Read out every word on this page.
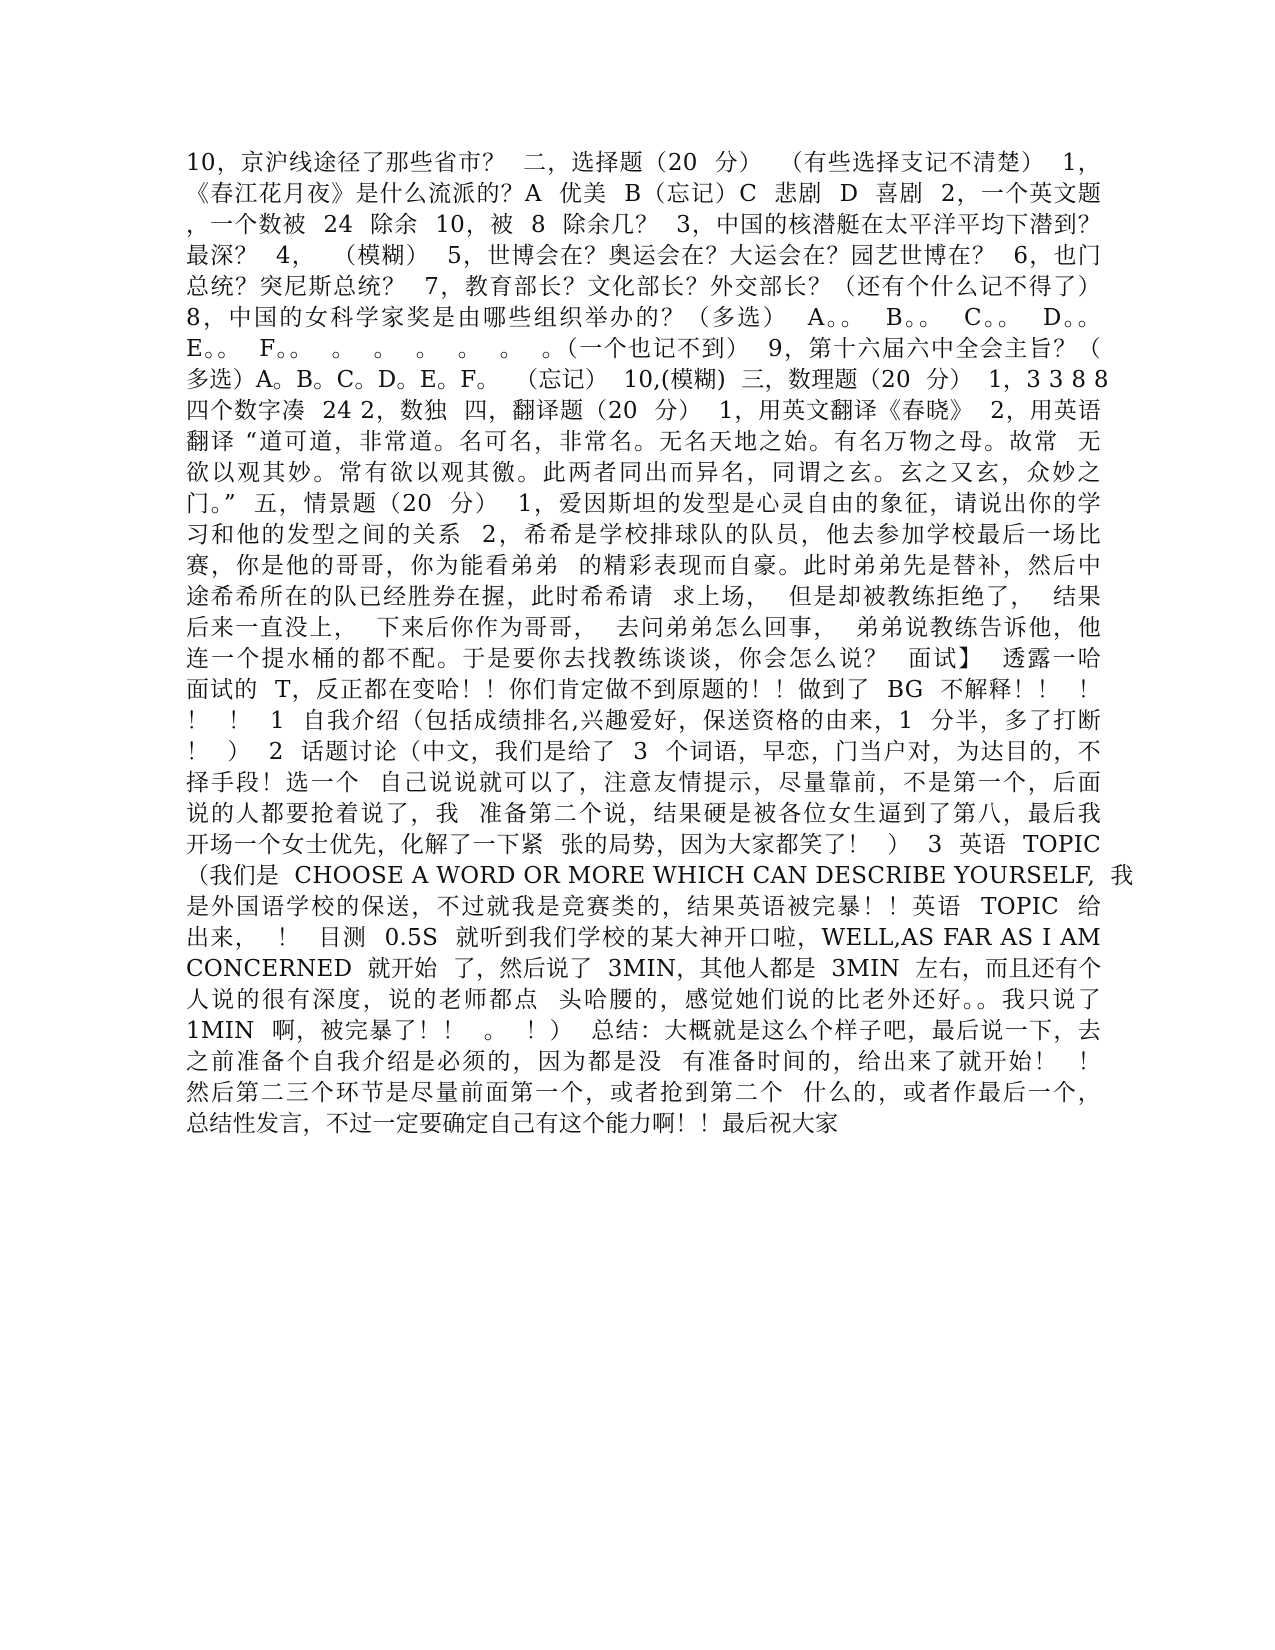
10，京沪线途径了那些省市？  二，选择题（20  分）  （有些选择支记不清楚）  1，
《春江花月夜》是什么流派的？A  优美  B（忘记）C  悲剧  D  喜剧  2，一个英文题
，一个数被  24  除余  10，被  8  除余几？  3，中国的核潜艇在太平洋平均下潜到？
最深？  4，  （模糊）  5，世博会在？奥运会在？大运会在？园艺世博在？  6，也门
总统？突尼斯总统？  7，教育部长？文化部长？外交部长？（还有个什么记不得了）
8，中国的女科学家奖是由哪些组织举办的？（多选）  A。。  B。。  C。。  D。。
E。。  F。。  。  。  。  。  。  。（一个也记不到）  9，第十六届六中全会主旨？（
多选）A。B。C。D。E。F。  （忘记）  10,(模糊)  三，数理题（20  分）  1，3 3 8 8
四个数字凑  24 2，数独  四，翻译题（20  分）  1，用英文翻译《春晓》  2，用英语
翻译 “道可道，非常道。名可名，非常名。无名天地之始。有名万物之母。故常  无
欲以观其妙。常有欲以观其徼。此两者同出而异名，同谓之玄。玄之又玄，众妙之
门。”  五，情景题（20  分）  1，爱因斯坦的发型是心灵自由的象征，请说出你的学
习和他的发型之间的关系  2，希希是学校排球队的队员，他去参加学校最后一场比
赛，你是他的哥哥，你为能看弟弟  的精彩表现而自豪。此时弟弟先是替补，然后中
途希希所在的队已经胜券在握，此时希希请  求上场，  但是却被教练拒绝了，  结果
后来一直没上，  下来后你作为哥哥，  去问弟弟怎么回事，  弟弟说教练告诉他，他
连一个提水桶的都不配。于是要你去找教练谈谈，你会怎么说？  面试】  透露一哈
面试的  T，反正都在变哈！！你们肯定做不到原题的！！做到了  BG  不解释！！  ！
！  ！  1  自我介绍（包括成绩排名,兴趣爱好，保送资格的由来，1  分半，多了打断
！  ）  2  话题讨论（中文，我们是给了  3  个词语，早恋，门当户对，为达目的，不
择手段！选一个  自己说说就可以了，注意友情提示，尽量靠前，不是第一个，后面
说的人都要抢着说了，我  准备第二个说，结果硬是被各位女生逼到了第八，最后我
开场一个女士优先，化解了一下紧  张的局势，因为大家都笑了！  ）  3  英语  TOPIC
（我们是  CHOOSE A WORD OR MORE WHICH CAN DESCRIBE YOURSELF,  我
是外国语学校的保送，不过就我是竞赛类的，结果英语被完暴！！英语  TOPIC  给
出来，  ！  目测  0.5S  就听到我们学校的某大神开口啦，WELL,AS FAR AS I AM
CONCERNED  就开始  了，然后说了  3MIN，其他人都是  3MIN  左右，而且还有个
人说的很有深度，说的老师都点  头哈腰的，感觉她们说的比老外还好。。我只说了
1MIN  啊，被完暴了！！  。  ！）  总结：大概就是这么个样子吧，最后说一下，去
之前准备个自我介绍是必须的，因为都是没  有准备时间的，给出来了就开始！  ！
然后第二三个环节是尽量前面第一个，或者抢到第二个  什么的，或者作最后一个，
总结性发言，不过一定要确定自己有这个能力啊！！最后祝大家
